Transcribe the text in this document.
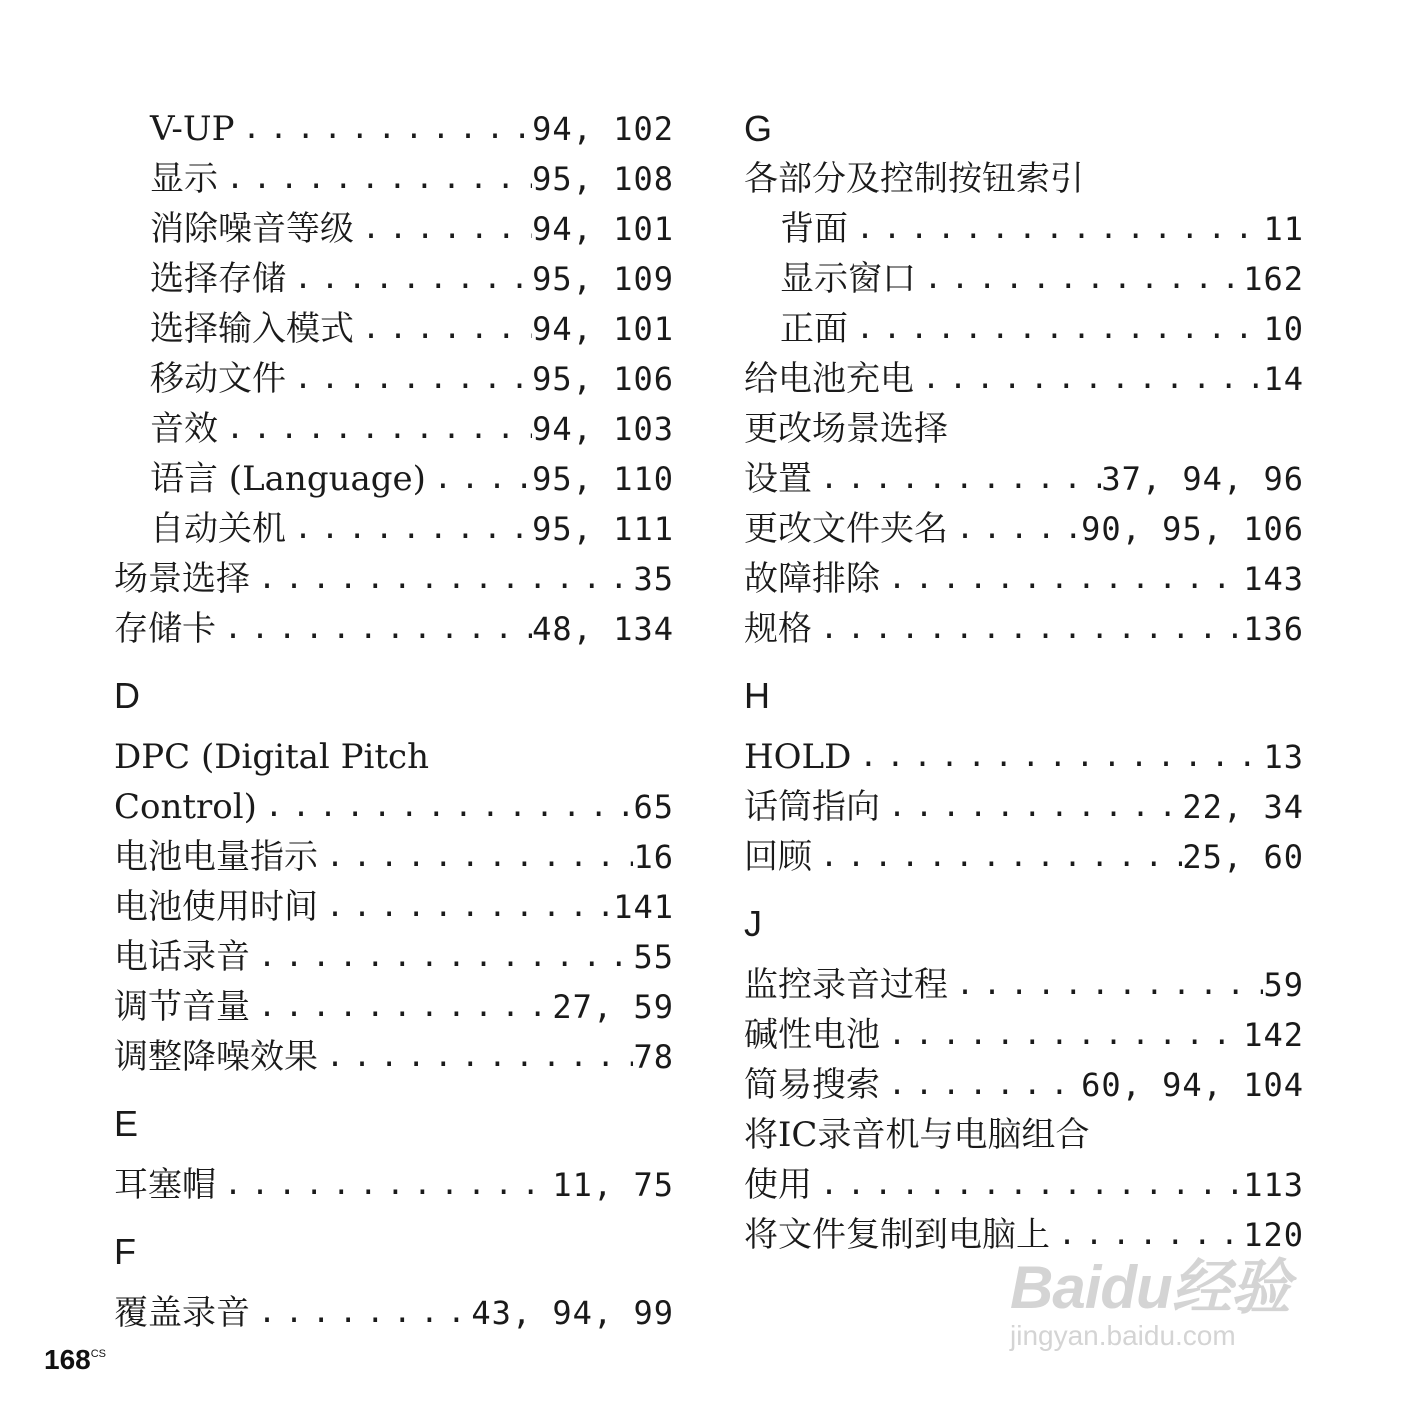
V-UP .....	94, 102
显示 .....	95, 108
消除噪音等级 .....	94, 101
选择存储 .....	95, 109
选择输入模式 .....	94, 101
移动文件 .....	95, 106
音效 .....	94, 103
语言 (Language) .....	95, 110
自动关机 .....	95, 111
场景选择 .....	35
存储卡 .....	48, 134
D
DPC (Digital Pitch
Control) .....	65
电池电量指示 .....	16
电池使用时间 .....	141
电话录音 .....	55
调节音量 .....	27, 59
调整降噪效果 .....	78
E
耳塞帽 .....	11, 75
F
覆盖录音 .....	43, 94, 99
G
各部分及控制按钮索引
背面 .....	11
显示窗口 .....	162
正面 .....	10
给电池充电 .....	14
更改场景选择
设置 .....	37, 94, 96
更改文件夹名 .....	90, 95, 106
故障排除 .....	143
规格 .....	136
H
HOLD .....	13
话筒指向 .....	22, 34
回顾 .....	25, 60
J
监控录音过程 .....	59
碱性电池 .....	142
简易搜索 .....	60, 94, 104
将IC录音机与电脑组合
使用 .....	113
将文件复制到电脑上 .....	120
$168^{CS}$
Baidu经验
jingyan.baidu.com
